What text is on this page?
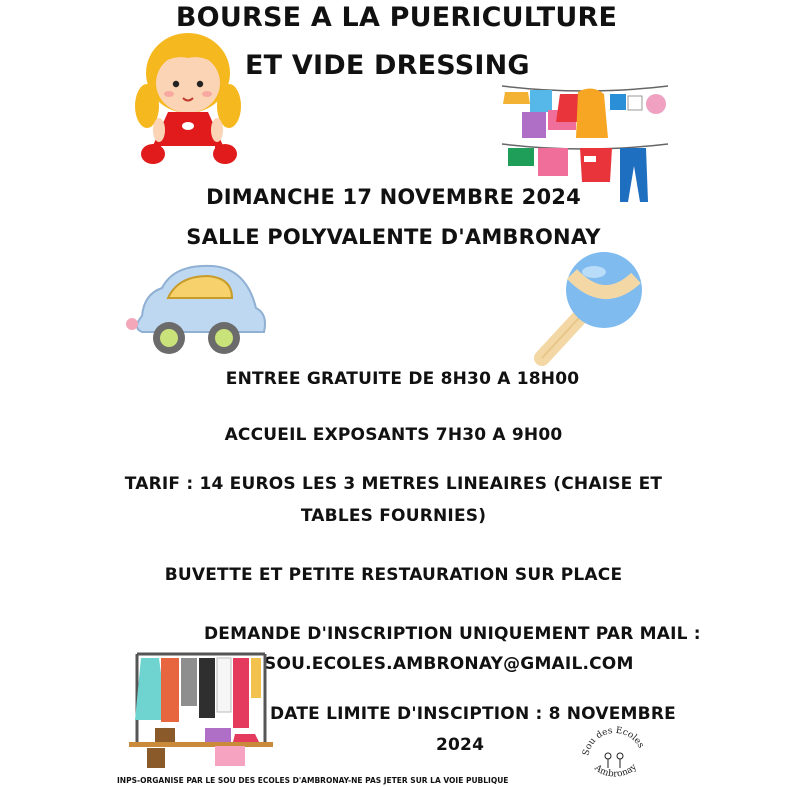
BOURSE A LA PUERICULTURE
ET VIDE DRESSING
DIMANCHE 17 NOVEMBRE 2024
SALLE POLYVALENTE D'AMBRONAY
ENTREE GRATUITE DE 8H30 A 18H00
ACCUEIL EXPOSANTS 7H30 A 9H00
TARIF : 14 EUROS LES 3 METRES LINEAIRES (CHAISE ET
TABLES FOURNIES)
BUVETTE ET PETITE RESTAURATION SUR PLACE
DEMANDE D'INSCRIPTION UNIQUEMENT PAR MAIL :
SOU.ECOLES.AMBRONAY@GMAIL.COM
DATE LIMITE D'INSCIPTION : 8 NOVEMBRE
2024	Sou des Écoles
Ambronay
INPS-ORGANISE PAR LE SOU DES ECOLES D'AMBRONAY-NE PAS JETER SUR LA VOIE PUBLIQUE
